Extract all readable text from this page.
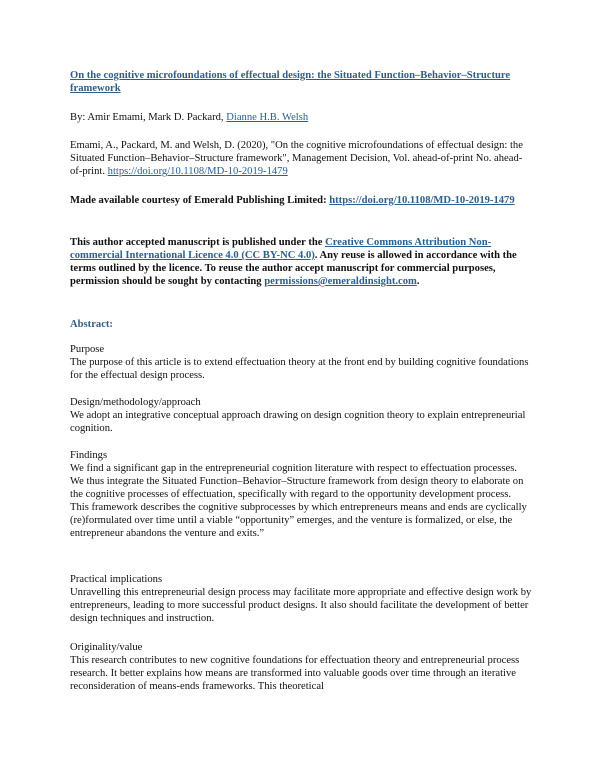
On the cognitive microfoundations of effectual design: the Situated Function–Behavior–Structure framework

By: Amir Emami, Mark D. Packard, Dianne H.B. Welsh

Emami, A., Packard, M. and Welsh, D. (2020), "On the cognitive microfoundations of effectual design: the Situated Function–Behavior–Structure framework", Management Decision, Vol. ahead-of-print No. ahead-of-print. https://doi.org/10.1108/MD-10-2019-1479

Made available courtesy of Emerald Publishing Limited: https://doi.org/10.1108/MD-10-2019-1479

This author accepted manuscript is published under the Creative Commons Attribution Non-commercial International Licence 4.0 (CC BY-NC 4.0). Any reuse is allowed in accordance with the terms outlined by the licence. To reuse the author accept manuscript for commercial purposes, permission should be sought by contacting permissions@emeraldinsight.com.

Abstract:

Purpose

The purpose of this article is to extend effectuation theory at the front end by building cognitive foundations for the effectual design process.

Design/methodology/approach

We adopt an integrative conceptual approach drawing on design cognition theory to explain entrepreneurial cognition.

Findings

We find a significant gap in the entrepreneurial cognition literature with respect to effectuation processes. We thus integrate the Situated Function–Behavior–Structure framework from design theory to elaborate on the cognitive processes of effectuation, specifically with regard to the opportunity development process. This framework describes the cognitive subprocesses by which entrepreneurs means and ends are cyclically (re)formulated over time until a viable “opportunity” emerges, and the venture is formalized, or else, the entrepreneur abandons the venture and exits.”

Practical implications

Unravelling this entrepreneurial design process may facilitate more appropriate and effective design work by entrepreneurs, leading to more successful product designs. It also should facilitate the development of better design techniques and instruction.

Originality/value

This research contributes to new cognitive foundations for effectuation theory and entrepreneurial process research. It better explains how means are transformed into valuable goods over time through an iterative reconsideration of means-ends frameworks. This theoretical
